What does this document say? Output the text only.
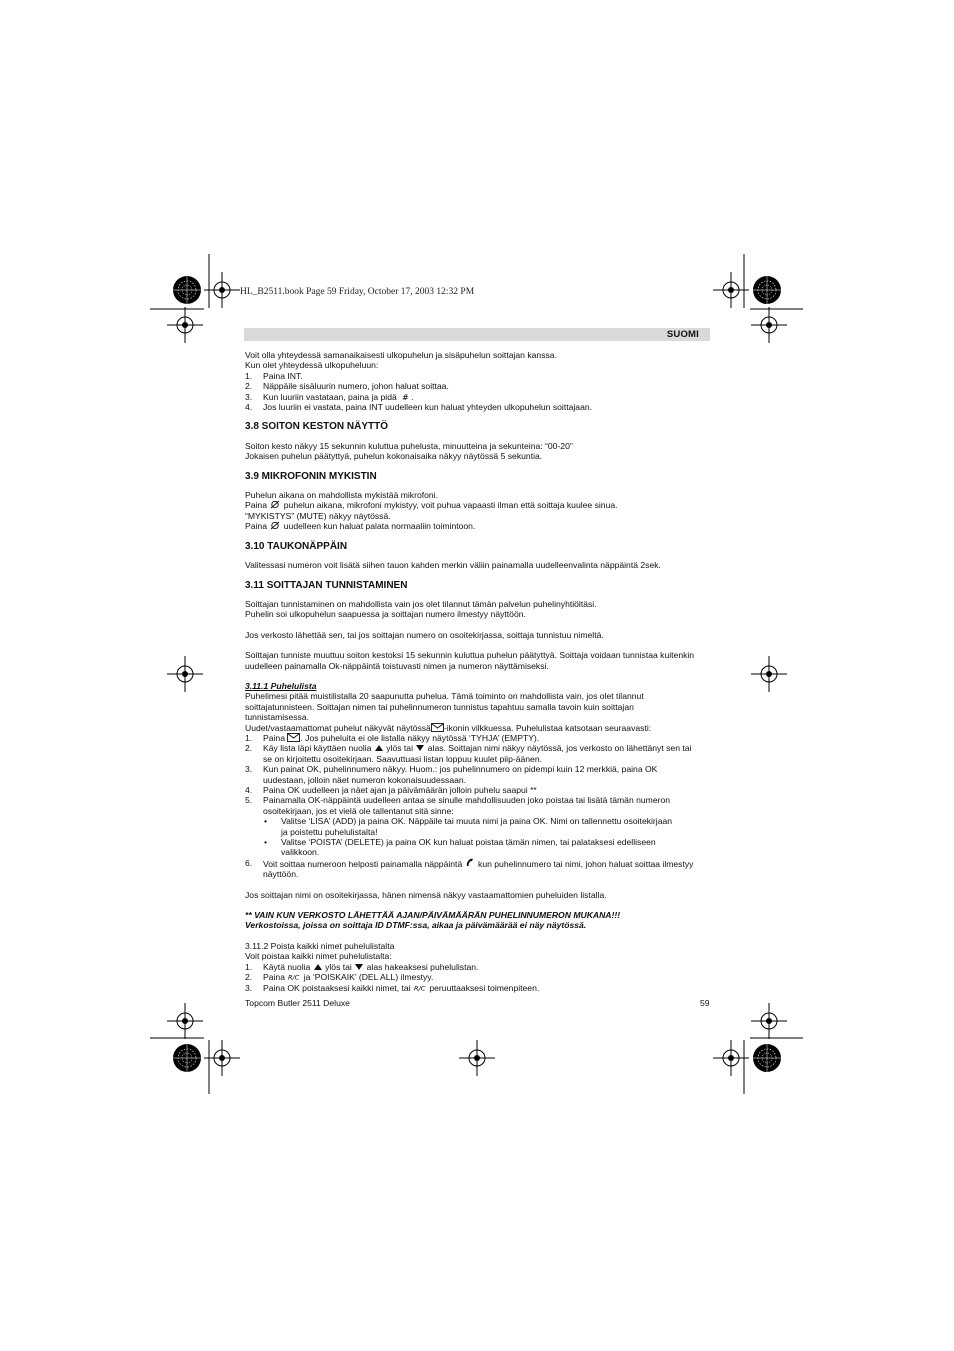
HL_B2511.book Page 59 Friday, October 17, 2003 12:32 PM
SUOMI

Voit olla yhteydessä samanaikaisesti ulkopuhelun ja sisäpuhelun soittajan kanssa.

Kun olet yhteydessä ulkopuheluun:

1. Paina INT.
2. Näppäile sisäluurin numero, johon haluat soittaa.
3. Kun luuriin vastataan, paina ja pidä # .
4. Jos luuriin ei vastata, paina INT uudelleen kun haluat yhteyden ulkopuhelun soittajaan.
3.8 SOITON KESTON NÄYTTÖ

Soiton kesto näkyy 15 sekunnin kuluttua puhelusta, minuutteina ja sekunteina: “00-20”

Jokaisen puhelun päätyttyä, puhelun kokonaisaika näkyy näytössä 5 sekuntia.

3.9 MIKROFONIN MYKISTIN

Puhelun aikana on mahdollista mykistää mikrofoni.

Paina puhelun aikana, mikrofoni mykistyy, voit puhua vapaasti ilman että soittaja kuulee sinua.

“MYKISTYS” (MUTE) näkyy näytössä.

Paina uudelleen kun haluat palata normaaliin toimintoon.

3.10 TAUKONÄPPÄIN

Valitessasi numeron voit lisätä siihen tauon kahden merkin väliin painamalla uudelleenvalinta näppäintä 2sek.

3.11 SOITTAJAN TUNNISTAMINEN

Soittajan tunnistaminen on mahdollista vain jos olet tilannut tämän palvelun puhelinyhtiöltäsi.

Puhelin soi ulkopuhelun saapuessa ja soittajan numero ilmestyy näyttöön.

Jos verkosto lähettää sen, tai jos soittajan numero on osoitekirjassa, soittaja tunnistuu nimeltä.

Soittajan tunniste muuttuu soiton kestoksi 15 sekunnin kuluttua puhelun päätyttyä. Soittaja voidaan tunnistaa kuitenkin

uudelleen painamalla Ok-näppäintä toistuvasti nimen ja numeron näyttämiseksi.

3.11.1 Puhelulista

Puhelimesi pitää muistilistalla 20 saapunutta puhelua. Tämä toiminto on mahdollista vain, jos olet tilannut

soittajatunnisteen. Soittajan nimen tai puhelinnumeron tunnistus tapahtuu samalla tavoin kuin soittajan

tunnistamisessa.

Uudet/vastaamattomat puhelut näkyvät näytössä -ikonin vilkkuessa. Puhelulistaa katsotaan seuraavasti:

1. Paina . Jos puheluita ei ole listalla näkyy näytössä ‘TYHJA’ (EMPTY).
2. Käy lista läpi käyttäen nuolia ylös tai alas. Soittajan nimi näkyy näytössä, jos verkosto on lähettänyt sen tai
se on kirjoitettu osoitekirjaan. Saavuttuasi listan loppuu kuulet piip-äänen.
3. Kun painat OK, puhelinnumero näkyy. Huom.: jos puhelinnumero on pidempi kuin 12 merkkiä, paina OK
uudestaan, jolloin näet numeron kokonaisuudessaan.
4. Paina OK uudelleen ja näet ajan ja päivämäärän jolloin puhelu saapui **
5. Painamalla OK-näppäintä uudelleen antaa se sinulle mahdollisuuden joko poistaa tai lisätä tämän numeron
osoitekirjaan, jos et vielä ole tallentanut sitä sinne:
• Valitse ‘LISA’ (ADD) ja paina OK. Näppäile tai muuta nimi ja paina OK. Nimi on tallennettu osoitekirjaan
ja poistettu puhelulistalta!
• Valitse ‘POISTA’ (DELETE) ja paina OK kun haluat poistaa tämän nimen, tai palataksesi edelliseen
valikkoon.
6. Voit soittaa numeroon helposti painamalla näppäintä kun puhelinnumero tai nimi, johon haluat soittaa ilmestyy
näyttöön.

Jos soittajan nimi on osoitekirjassa, hänen nimensä näkyy vastaamattomien puheluiden listalla.

** VAIN KUN VERKOSTO LÄHETTÄÄ AJAN/PÄIVÄMÄÄRÄN PUHELINNUMERON MUKANA!!!

Verkostoissa, joissa on soittaja ID DTMF:ssa, aikaa ja päivämäärää ei näy näytössä.

3.11.2 Poista kaikki nimet puhelulistalta

Voit poistaa kaikki nimet puhelulistalta:

1. Käytä nuolia ylös tai alas hakeaksesi puhelulistan.
2. Paina R/C ja ‘POISKAIK’ (DEL ALL) ilmestyy.
3. Paina OK poistaaksesi kaikki nimet, tai R/C peruuttaaksesi toimenpiteen.
Topcom Butler 2511 Deluxe	59
